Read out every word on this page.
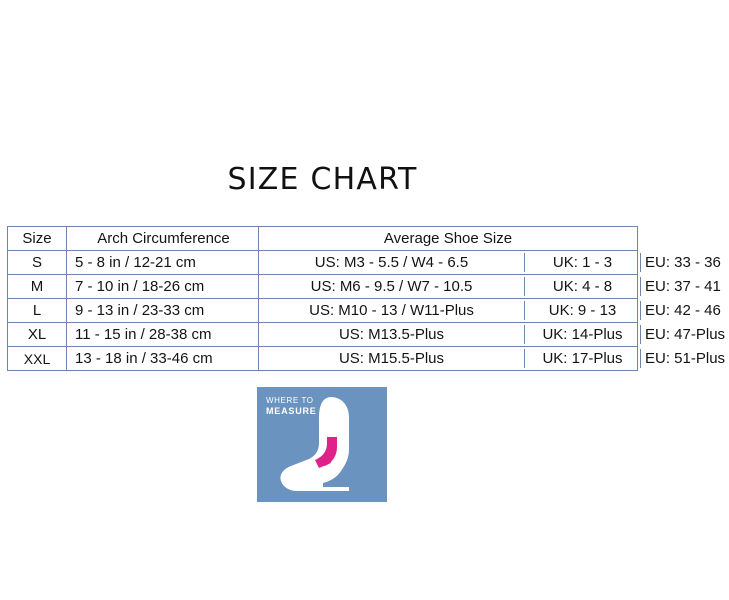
SIZE CHART
Size	Arch Circumference	Average Shoe Size
S	5 - 8 in / 12-21 cm	US: M3 - 5.5 / W4 - 6.5 UK: 1 - 3 EU: 33 - 36

M	7 - 10 in / 18-26 cm	US: M6 - 9.5 / W7 - 10.5 UK: 4 - 8 EU: 37 - 41

L	9 - 13 in / 23-33 cm	US: M10 - 13 / W11-Plus UK: 9 - 13 EU: 42 - 46

XL	11 - 15 in / 28-38 cm	US: M13.5-Plus UK: 14-Plus EU: 47-Plus

XXL	13 - 18 in / 33-46 cm	US: M15.5-Plus UK: 17-Plus EU: 51-Plus
WHERE TO
MEASURE
